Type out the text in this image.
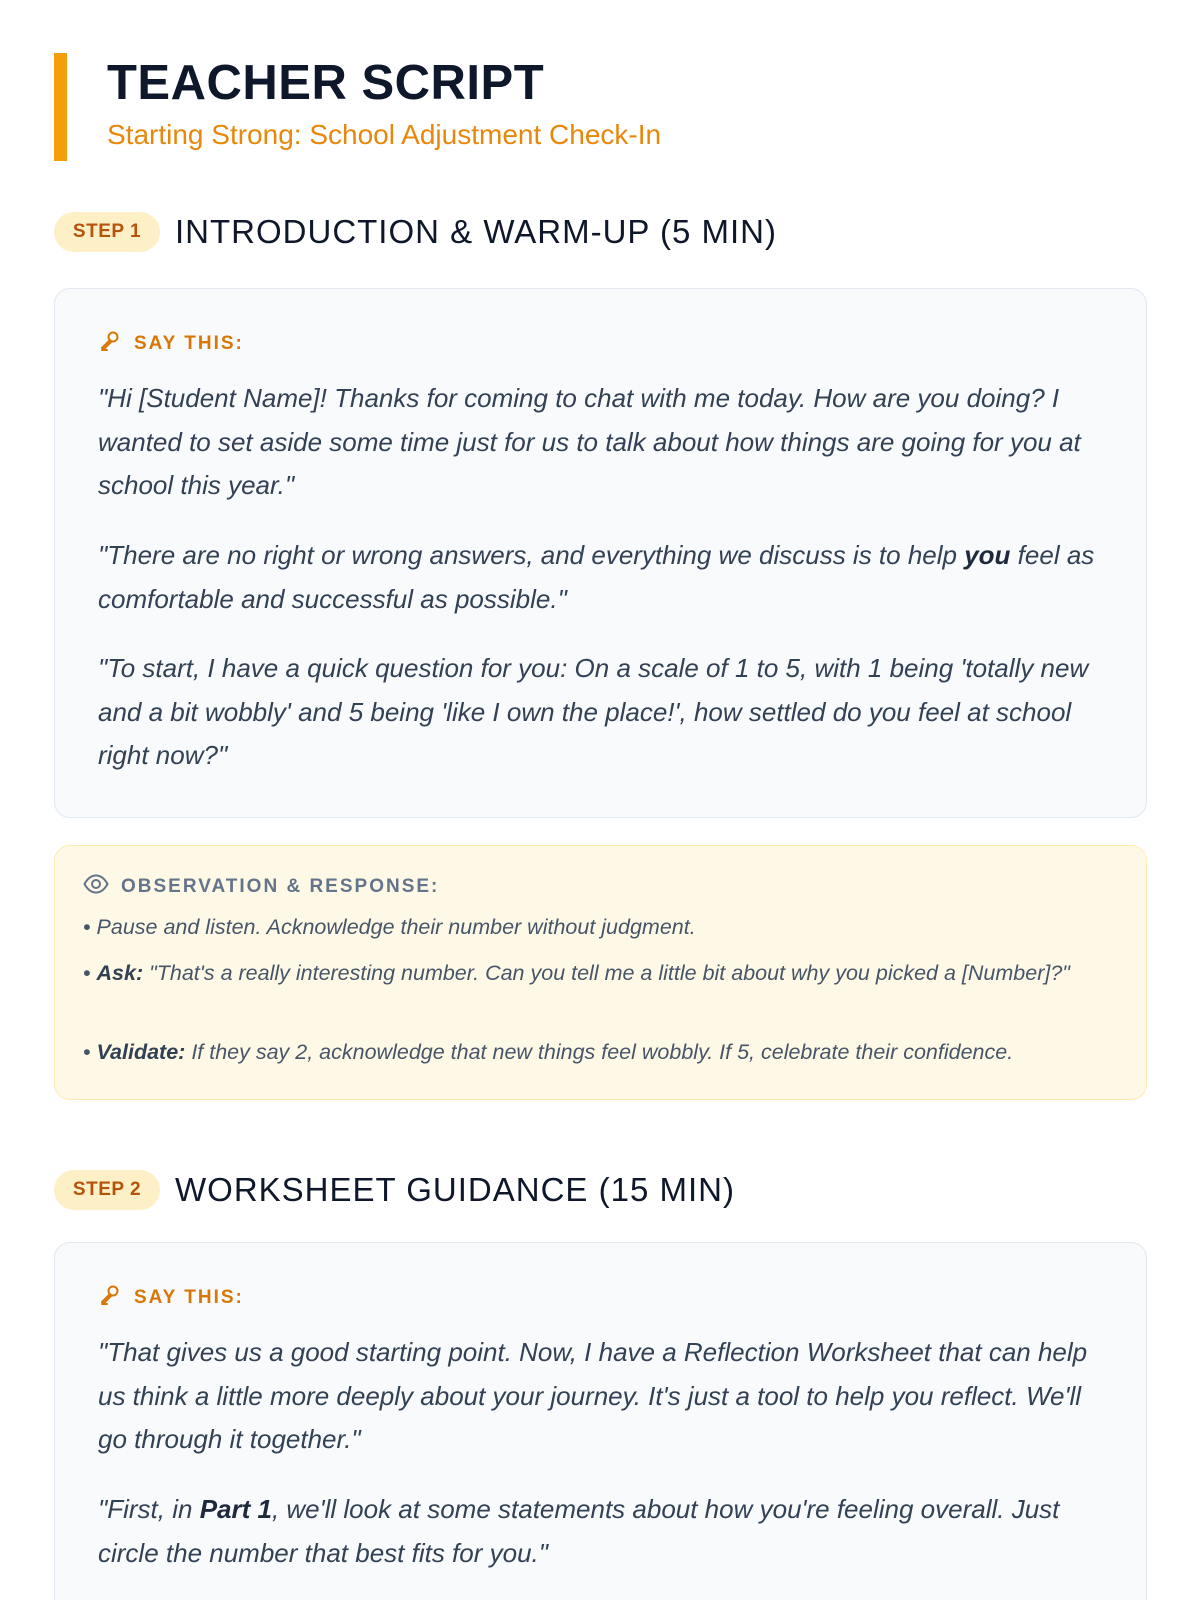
TEACHER SCRIPT
Starting Strong: School Adjustment Check-In
STEP 1	INTRODUCTION & WARM-UP (5 MIN)
SAY THIS:

"Hi [Student Name]! Thanks for coming to chat with me today. How are you doing? I wanted to set aside some time just for us to talk about how things are going for you at school this year."

"There are no right or wrong answers, and everything we discuss is to help you feel as comfortable and successful as possible."

"To start, I have a quick question for you: On a scale of 1 to 5, with 1 being 'totally new and a bit wobbly' and 5 being 'like I own the place!', how settled do you feel at school right now?"

OBSERVATION & RESPONSE:
• Pause and listen. Acknowledge their number without judgment.
• Ask: "That's a really interesting number. Can you tell me a little bit about why you picked a [Number]?"
• Validate: If they say 2, acknowledge that new things feel wobbly. If 5, celebrate their confidence.
STEP 2	WORKSHEET GUIDANCE (15 MIN)
SAY THIS:

"That gives us a good starting point. Now, I have a Reflection Worksheet that can help us think a little more deeply about your journey. It's just a tool to help you reflect. We'll go through it together."

"First, in Part 1, we'll look at some statements about how you're feeling overall. Just circle the number that best fits for you."
